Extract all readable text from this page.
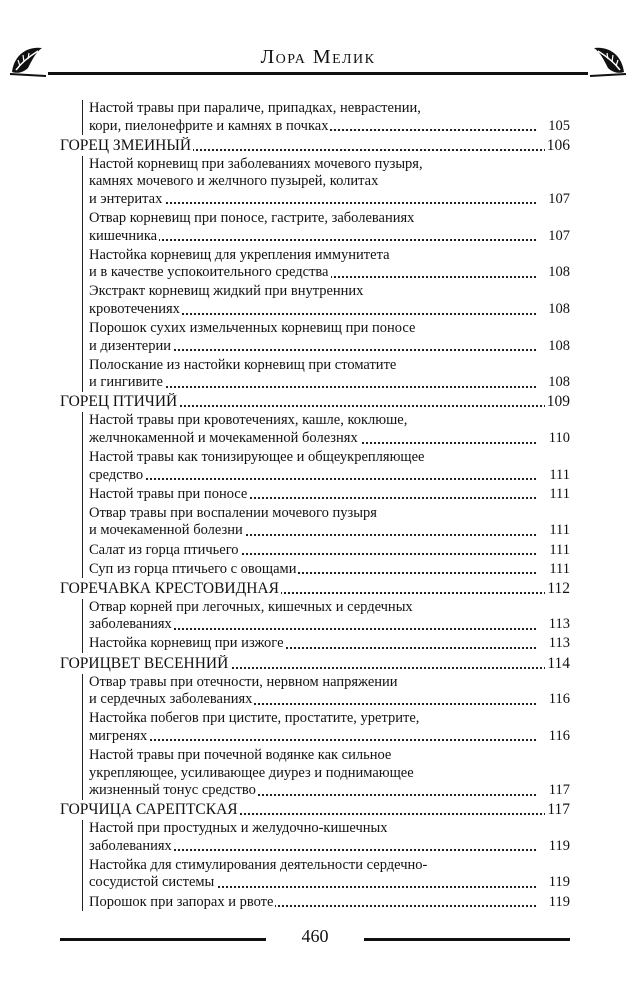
Лора Мелик
Настой травы при параличе, припадках, неврастении,
кори, пиелонефрите и камнях в почках	105
ГОРЕЦ ЗМЕИНЫЙ	106
Настой корневищ при заболеваниях мочевого пузыря,
камнях мочевого и желчного пузырей, колитах
и энтеритах	107
Отвар корневищ при поносе, гастрите, заболеваниях
кишечника	107
Настойка корневищ для укрепления иммунитета
и в качестве успокоительного средства	108
Экстракт корневищ жидкий при внутренних
кровотечениях	108
Порошок сухих измельченных корневищ при поносе
и дизентерии	108
Полоскание из настойки корневищ при стоматите
и гингивите	108
ГОРЕЦ ПТИЧИЙ	109
Настой травы при кровотечениях, кашле, коклюше,
желчнокаменной и мочекаменной болезнях	110
Настой травы как тонизирующее и общеукрепляющее
средство	111
Настой травы при поносе	111
Отвар травы при воспалении мочевого пузыря
и мочекаменной болезни	111
Салат из горца птичьего	111
Суп из горца птичьего с овощами	111
ГОРЕЧАВКА КРЕСТОВИДНАЯ	112
Отвар корней при легочных, кишечных и сердечных
заболеваниях	113
Настойка корневищ при изжоге	113
ГОРИЦВЕТ ВЕСЕННИЙ	114
Отвар травы при отечности, нервном напряжении
и сердечных заболеваниях	116
Настойка побегов при цистите, простатите, уретрите,
мигренях	116
Настой травы при почечной водянке как сильное
укрепляющее, усиливающее диурез и поднимающее
жизненный тонус средство	117
ГОРЧИЦА САРЕПТСКАЯ	117
Настой при простудных и желудочно-кишечных
заболеваниях	119
Настойка для стимулирования деятельности сердечно-
сосудистой системы	119
Порошок при запорах и рвоте	119
460
